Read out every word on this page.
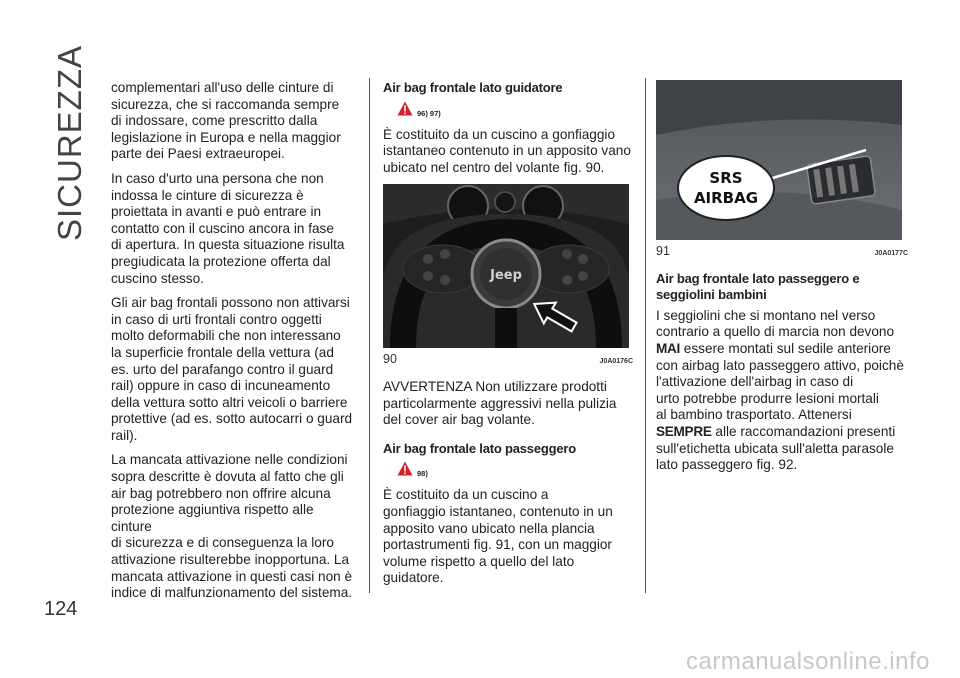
SICUREZZA
124

complementari all'uso delle cinture di
sicurezza, che si raccomanda sempre
di indossare, come prescritto dalla
legislazione in Europa e nella maggior
parte dei Paesi extraeuropei.

In caso d'urto una persona che non
indossa le cinture di sicurezza è
proiettata in avanti e può entrare in
contatto con il cuscino ancora in fase
di apertura. In questa situazione risulta
pregiudicata la protezione offerta dal
cuscino stesso.

Gli air bag frontali possono non attivarsi
in caso di urti frontali contro oggetti
molto deformabili che non interessano
la superficie frontale della vettura (ad
es. urto del parafango contro il guard
rail) oppure in caso di incuneamento
della vettura sotto altri veicoli o barriere
protettive (ad es. sotto autocarri o guard
rail).

La mancata attivazione nelle condizioni
sopra descritte è dovuta al fatto che gli
air bag potrebbero non offrire alcuna
protezione aggiuntiva rispetto alle cinture
di sicurezza e di conseguenza la loro
attivazione risulterebbe inopportuna. La
mancata attivazione in questi casi non è
indice di malfunzionamento del sistema.

Air bag frontale lato guidatore
96) 97)

È costituito da un cuscino a gonfiaggio
istantaneo contenuto in un apposito vano
ubicato nel centro del volante fig. 90.

Jeep
90	J0A0176C

AVVERTENZA Non utilizzare prodotti
particolarmente aggressivi nella pulizia
del cover air bag volante.

Air bag frontale lato passeggero
98)

È costituito da un cuscino a
gonfiaggio istantaneo, contenuto in un
apposito vano ubicato nella plancia
portastrumenti fig. 91, con un maggior
volume rispetto a quello del lato
guidatore.

SRS
AIRBAG
91	J0A0177C
Air bag frontale lato passeggero e
seggiolini bambini

I seggiolini che si montano nel verso
contrario a quello di marcia non devono
MAI essere montati sul sedile anteriore
con airbag lato passeggero attivo, poichè
l'attivazione dell'airbag in caso di
urto potrebbe produrre lesioni mortali
al bambino trasportato. Attenersi
SEMPRE alle raccomandazioni presenti
sull'etichetta ubicata sull'aletta parasole
lato passeggero fig. 92.

carmanualsonline.info
